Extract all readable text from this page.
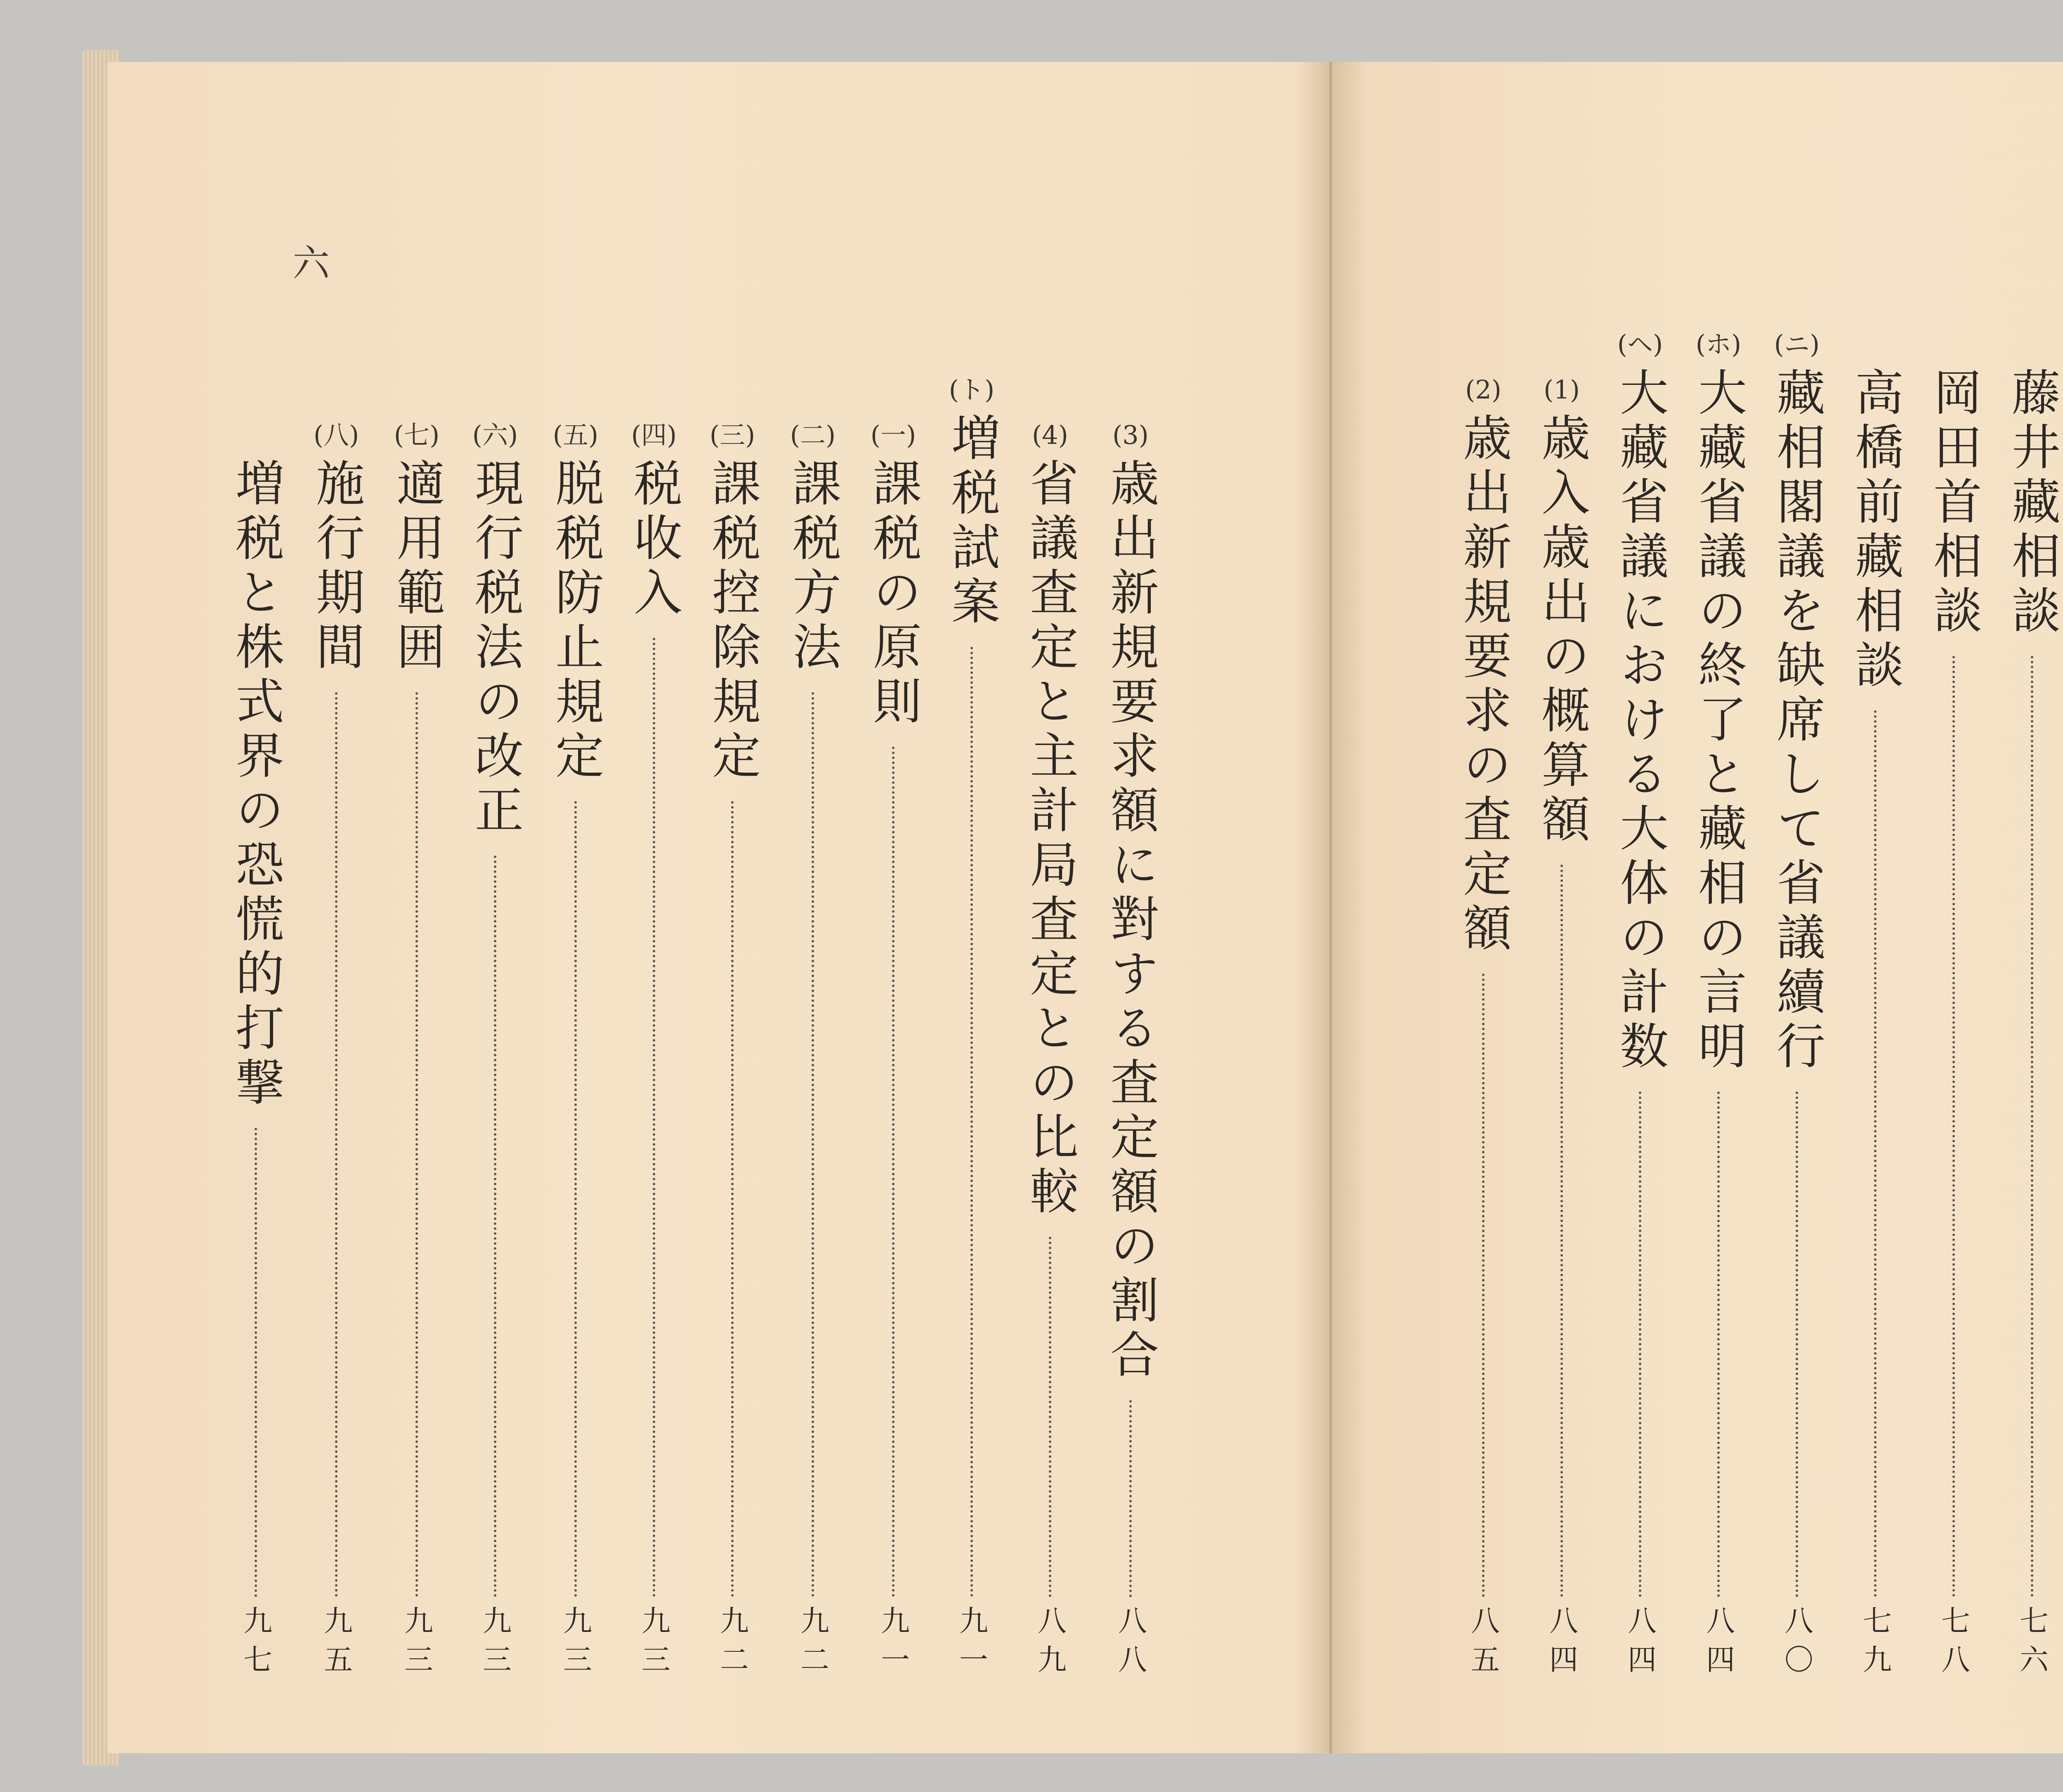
六
(3)
歳出新規要求額に對する査定額の割合
八八
(4)
省議査定と主計局査定との比較
八九
(ト)
増税試案
九一
(一)
課税の原則
九一
(二)
課税方法
九二
(三)
課税控除規定
九二
(四)
税收入
九三
(五)
脱税防止規定
九三
(六)
現行税法の改正
九三
(七)
適用範囲
九三
(八)
施行期間
九五
増税と株式界の恐慌的打撃
九七
藤井藏相談
七六
岡田首相談
七八
高橋前藏相談
七九
(ニ)
藏相閣議を缺席して省議續行
八〇
(ホ)
大藏省議の終了と藏相の言明
八四
(ヘ)
大藏省議における大体の計数
八四
(1)
歳入歳出の概算額
八四
(2)
歳出新規要求の査定額
八五
